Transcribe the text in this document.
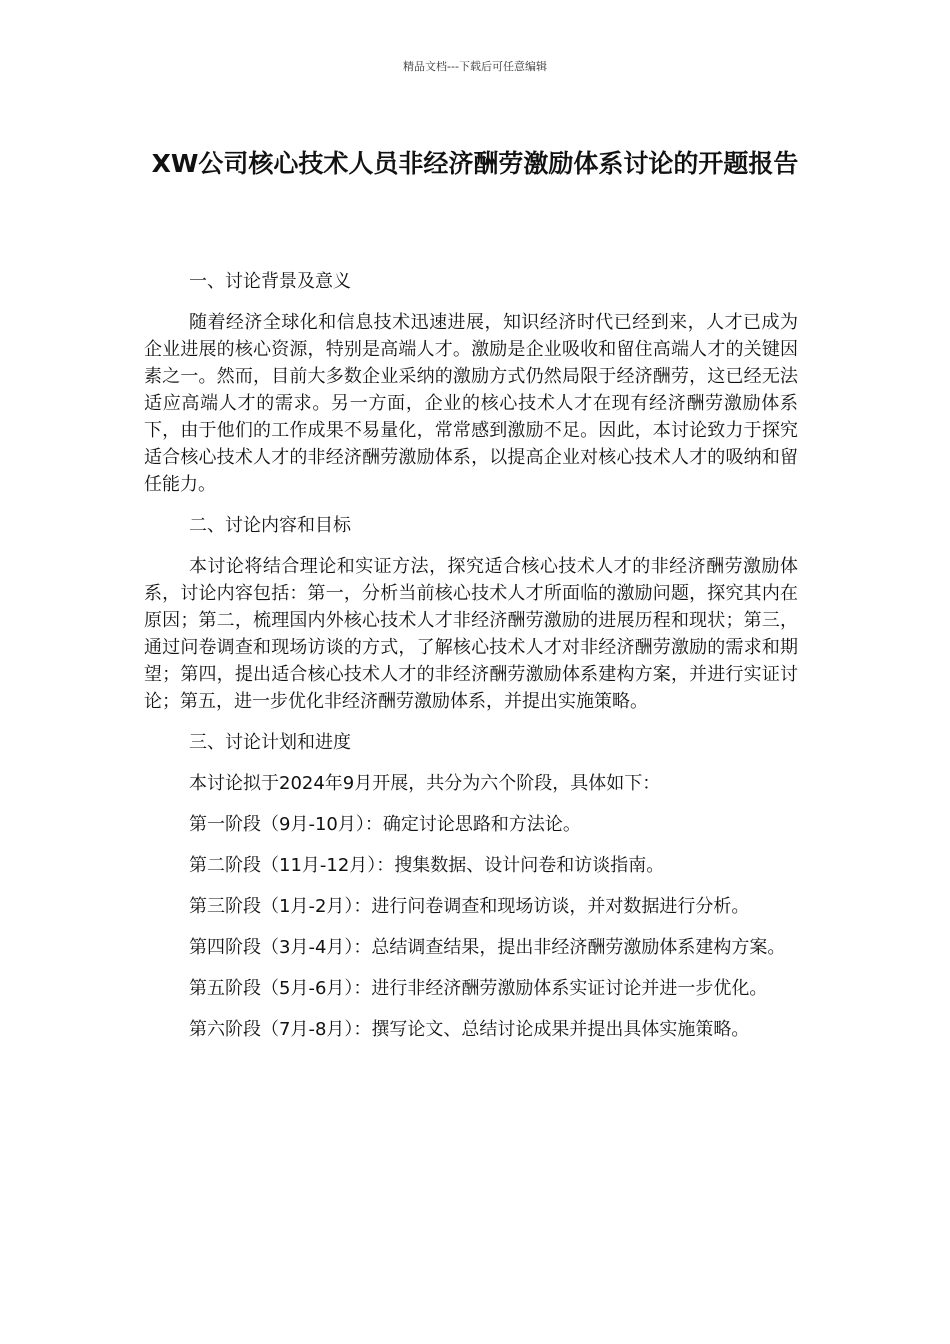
精品文档---下载后可任意编辑
XW公司核心技术人员非经济酬劳激励体系讨论的开题报告

一、讨论背景及意义

随着经济全球化和信息技术迅速进展，知识经济时代已经到来，人才已成为企业进展的核心资源，特别是高端人才。激励是企业吸收和留住高端人才的关键因素之一。然而，目前大多数企业采纳的激励方式仍然局限于经济酬劳，这已经无法适应高端人才的需求。另一方面，企业的核心技术人才在现有经济酬劳激励体系下，由于他们的工作成果不易量化，常常感到激励不足。因此，本讨论致力于探究适合核心技术人才的非经济酬劳激励体系，以提高企业对核心技术人才的吸纳和留任能力。

二、讨论内容和目标

本讨论将结合理论和实证方法，探究适合核心技术人才的非经济酬劳激励体系，讨论内容包括：第一，分析当前核心技术人才所面临的激励问题，探究其内在原因；第二，梳理国内外核心技术人才非经济酬劳激励的进展历程和现状；第三，通过问卷调查和现场访谈的方式，了解核心技术人才对非经济酬劳激励的需求和期望；第四，提出适合核心技术人才的非经济酬劳激励体系建构方案，并进行实证讨论；第五，进一步优化非经济酬劳激励体系，并提出实施策略。

三、讨论计划和进度

本讨论拟于2024年9月开展，共分为六个阶段，具体如下：

第一阶段（9月-10月）：确定讨论思路和方法论。

第二阶段（11月-12月）：搜集数据、设计问卷和访谈指南。

第三阶段（1月-2月）：进行问卷调查和现场访谈，并对数据进行分析。

第四阶段（3月-4月）：总结调查结果，提出非经济酬劳激励体系建构方案。

第五阶段（5月-6月）：进行非经济酬劳激励体系实证讨论并进一步优化。

第六阶段（7月-8月）：撰写论文、总结讨论成果并提出具体实施策略。
